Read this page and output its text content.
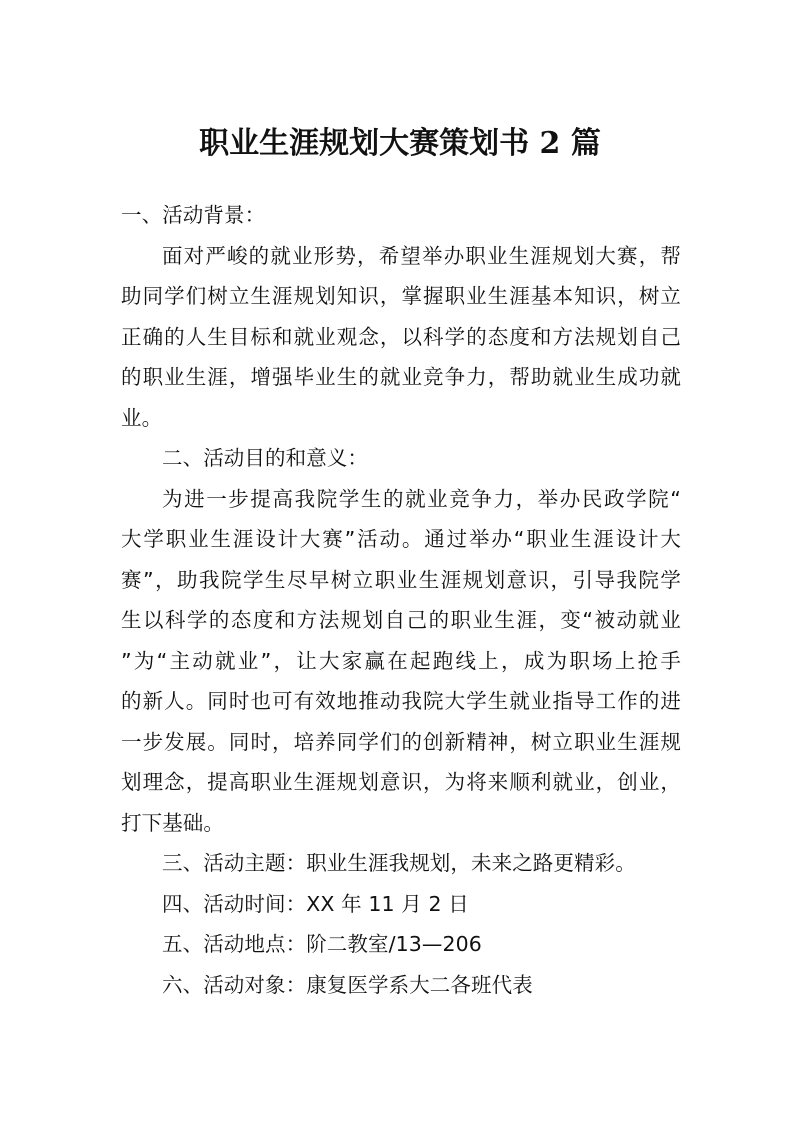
职业生涯规划大赛策划书 2 篇
一、活动背景：
面对严峻的就业形势，希望举办职业生涯规划大赛，帮
助同学们树立生涯规划知识，掌握职业生涯基本知识，树立
正确的人生目标和就业观念，以科学的态度和方法规划自己
的职业生涯，增强毕业生的就业竞争力，帮助就业生成功就
业。
二、活动目的和意义：
为进一步提高我院学生的就业竞争力，举办民政学院“
大学职业生涯设计大赛”活动。通过举办“职业生涯设计大
赛”，助我院学生尽早树立职业生涯规划意识，引导我院学
生以科学的态度和方法规划自己的职业生涯，变“被动就业
”为“主动就业”，让大家赢在起跑线上，成为职场上抢手
的新人。同时也可有效地推动我院大学生就业指导工作的进
一步发展。同时，培养同学们的创新精神，树立职业生涯规
划理念，提高职业生涯规划意识，为将来顺利就业，创业，
打下基础。
三、活动主题：职业生涯我规划，未来之路更精彩。
四、活动时间：XX 年 11 月 2 日
五、活动地点：阶二教室/13—206
六、活动对象：康复医学系大二各班代表
